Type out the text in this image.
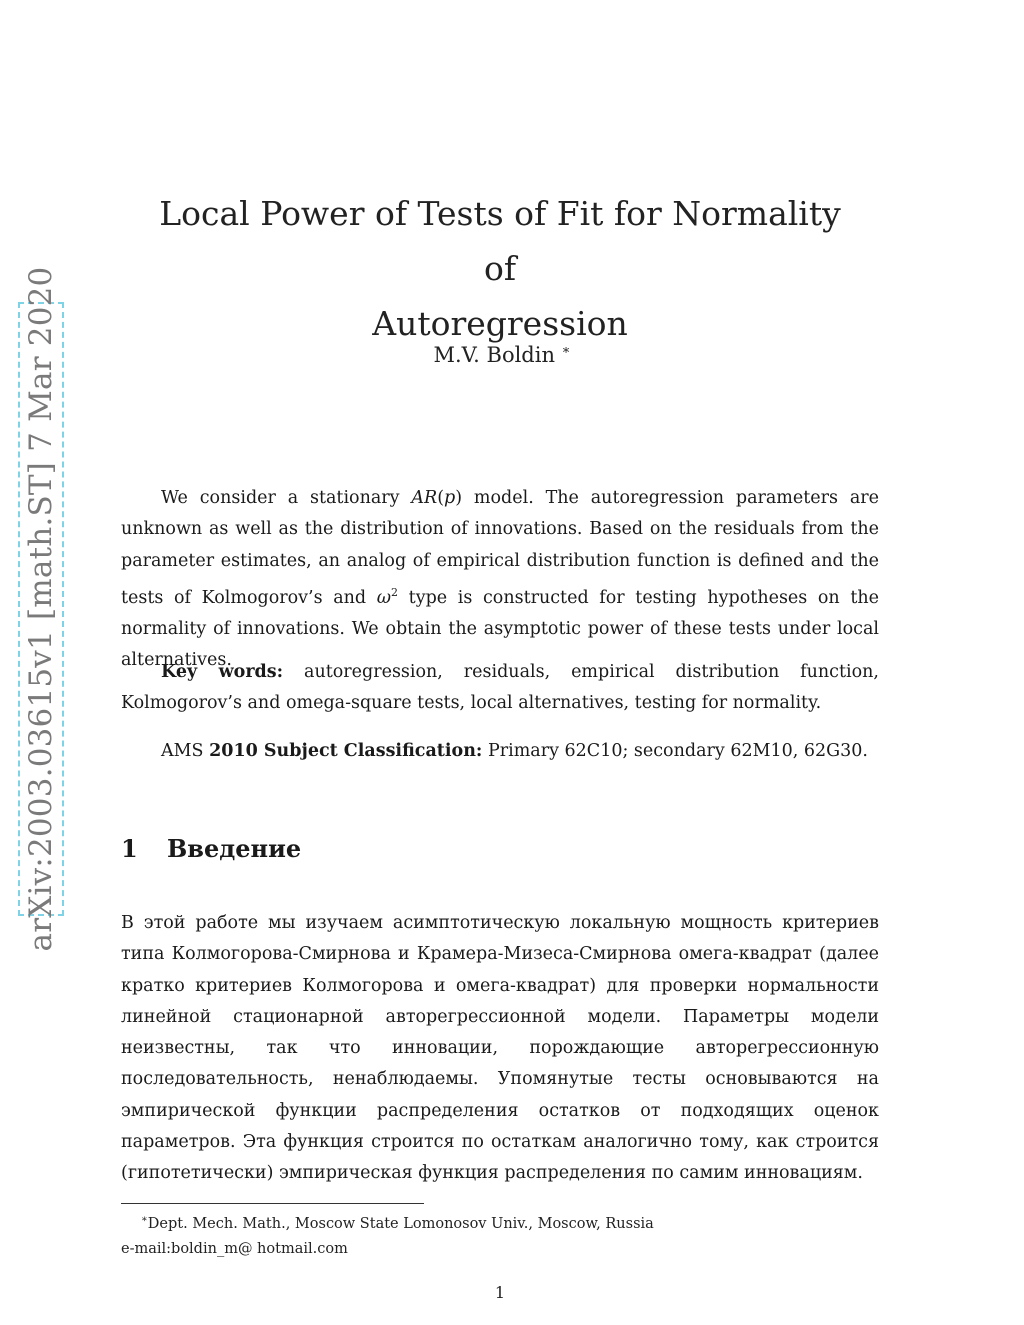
arXiv:2003.03615v1 [math.ST] 7 Mar 2020
Local Power of Tests of Fit for Normality of
Autoregression
M.V. Boldin ∗
We consider a stationary AR(p) model. The autoregression parameters are unknown as well as the distribution of innovations. Based on the residuals from the parameter estimates, an analog of empirical distribution function is defined and the tests of Kolmogorov’s and $\omega^2$ type is constructed for testing hypotheses on the normality of innovations. We obtain the asymptotic power of these tests under local alternatives.
Key words: autoregression, residuals, empirical distribution function, Kolmogorov’s and omega-square tests, local alternatives, testing for normality.
AMS 2010 Subject Classification: Primary 62C10; secondary 62M10, 62G30.
1 Введение
В этой работе мы изучаем асимптотическую локальную мощность критериев типа Колмогорова-Смирнова и Крамера-Мизеса-Смирнова омега-квадрат (далее кратко критериев Колмогорова и омега-квадрат) для проверки нормальности линейной стационарной авторегрессионной модели. Параметры модели неизвестны, так что инновации, порождающие авторегрессионную последовательность, ненаблюдаемы. Упомянутые тесты основываются на эмпирической функции распределения остатков от подходящих оценок параметров. Эта функция строится по остаткам аналогично тому, как строится (гипотетически) эмпирическая функция распределения по самим инновациям.
∗Dept. Mech. Math., Moscow State Lomonosov Univ., Moscow, Russia
e-mail:boldin_m@ hotmail.com
1
